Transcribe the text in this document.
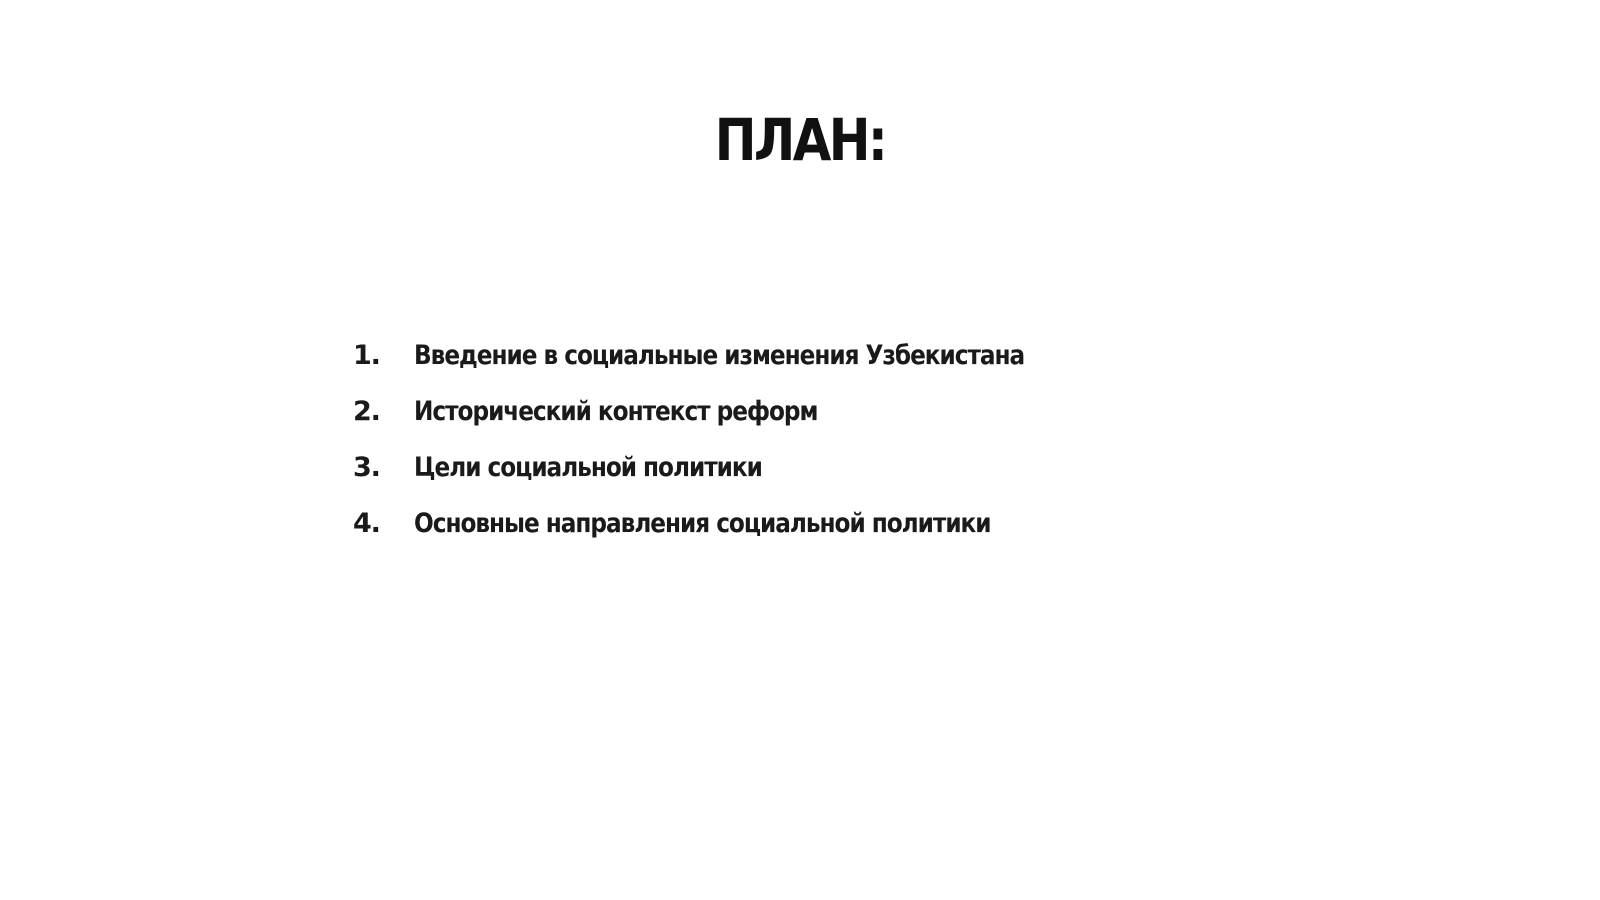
ПЛАН:
1.	Введение в социальные изменения Узбекистана
2.	Исторический контекст реформ
3.	Цели социальной политики
4.	Основные направления социальной политики
